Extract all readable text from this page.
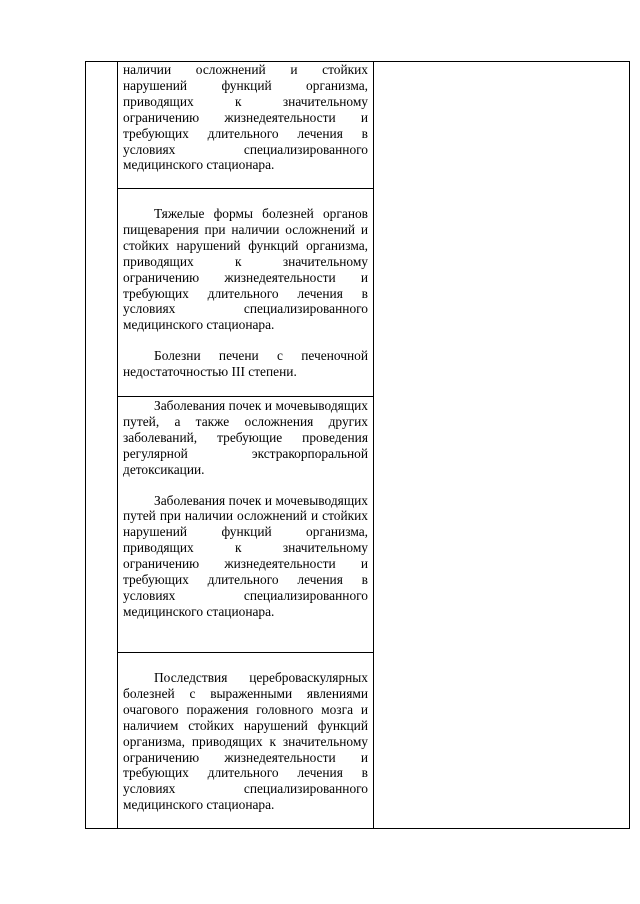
наличии осложнений и стойких нарушений функций организма, приводящих к значительному ограничению жизнедеятельности и требующих длительного лечения в условиях специализированного медицинского стационара.

Тяжелые формы болезней органов пищеварения при наличии осложнений и стойких нарушений функций организма, приводящих к значительному ограничению жизнедеятельности и требующих длительного лечения в условиях специализированного медицинского стационара.

Болезни печени с печеночной недостаточностью III степени.

Заболевания почек и мочевыводящих путей, а также осложнения других заболеваний, требующие проведения регулярной экстракорпоральной детоксикации.

Заболевания почек и мочевыводящих путей при наличии осложнений и стойких нарушений функций организма, приводящих к значительному ограничению жизнедеятельности и требующих длительного лечения в условиях специализированного медицинского стационара.

Последствия цереброваскулярных болезней с выраженными явлениями очагового поражения головного мозга и наличием стойких нарушений функций организма, приводящих к значительному ограничению жизнедеятельности и требующих длительного лечения в условиях специализированного медицинского стационара.
